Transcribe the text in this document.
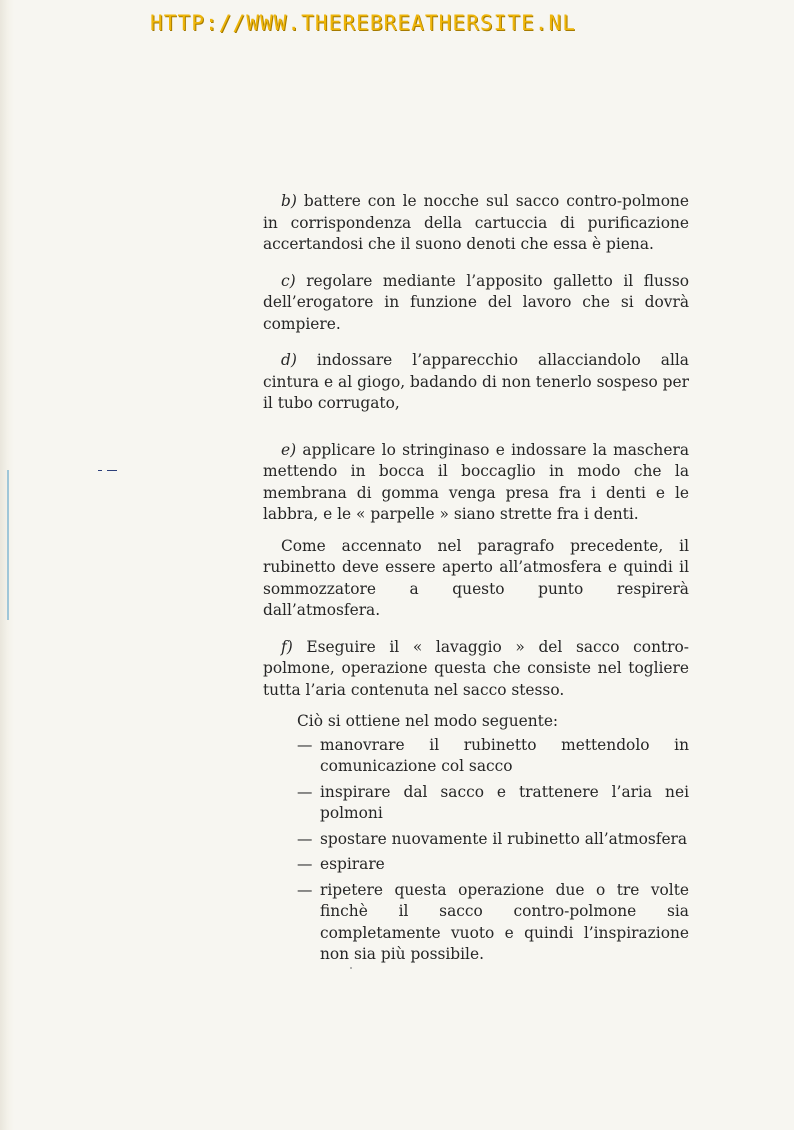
HTTP://WWW.THEREBREATHERSITE.NL

b) battere con le nocche sul sacco contro-polmone in corrispondenza della cartuccia di purificazione accertandosi che il suono denoti che essa è piena.

c) regolare mediante l’apposito galletto il flusso dell’erogatore in funzione del lavoro che si dovrà compiere.

d) indossare l’apparecchio allacciandolo alla cintura e al giogo, badando di non tenerlo sospeso per il tubo corrugato,

e) applicare lo stringinaso e indossare la maschera mettendo in bocca il boccaglio in modo che la membrana di gomma venga presa fra i denti e le labbra, e le « parpelle » siano strette fra i denti.

Come accennato nel paragrafo precedente, il rubinetto deve essere aperto all’atmosfera e quindi il sommozzatore a questo punto respirerà dall’atmosfera.

f) Eseguire il « lavaggio » del sacco contro-polmone, operazione questa che consiste nel togliere tutta l’aria contenuta nel sacco stesso.

Ciò si ottiene nel modo seguente:

— manovrare il rubinetto mettendolo in comunicazione col sacco
— inspirare dal sacco e trattenere l’aria nei polmoni
— spostare nuovamente il rubinetto all’atmosfera
— espirare
— ripetere questa operazione due o tre volte finchè il sacco contro-polmone sia completamente vuoto e quindi l’inspirazione non sia più possibile.
